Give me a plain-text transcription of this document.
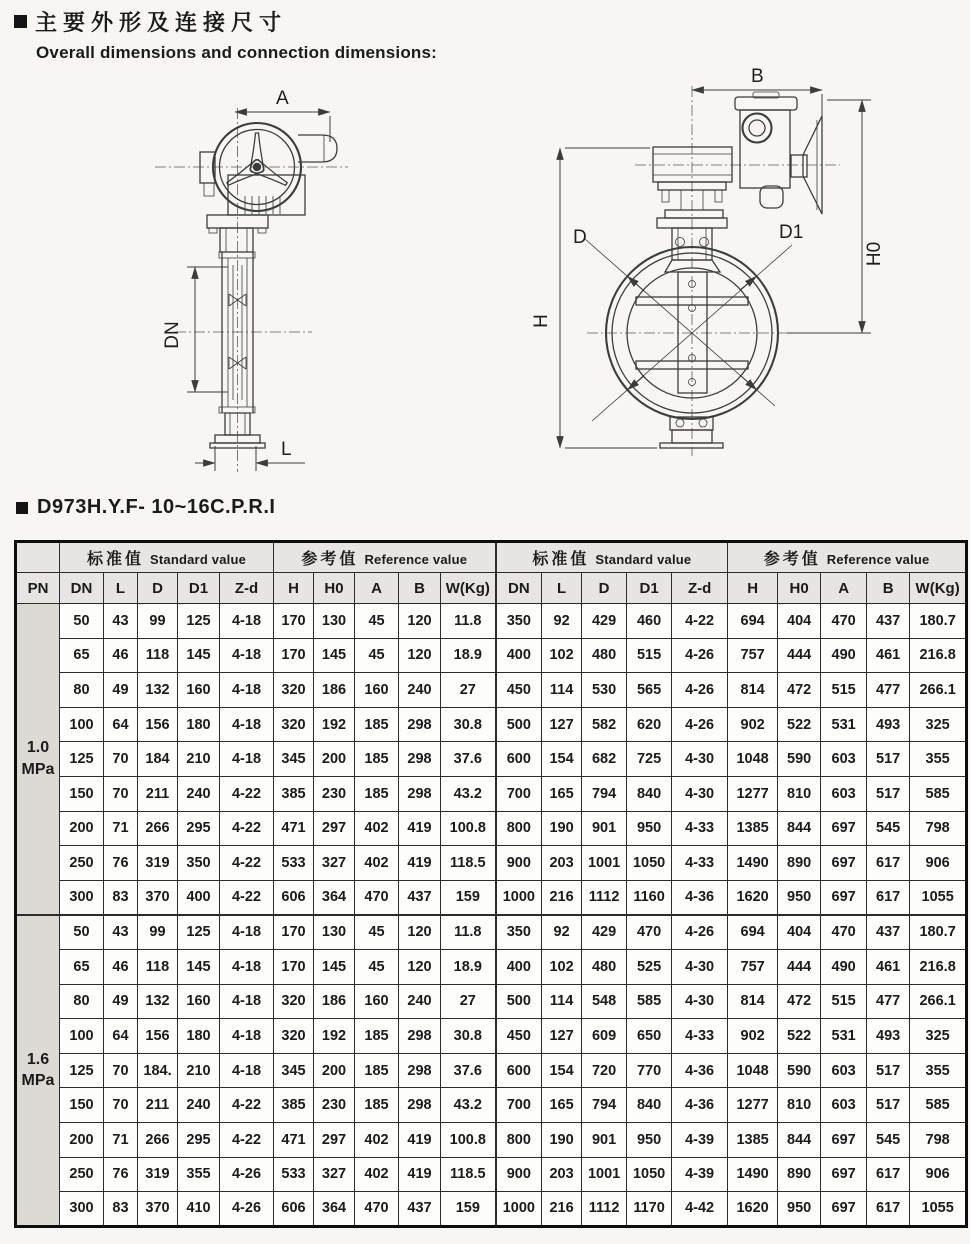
主要外形及连接尺寸
Overall dimensions and connection dimensions:
A
DN
L
B
H0
H
D	D1
D973H.Y.F- 10~16C.P.R.I
	标准值 Standard value					参考值 Reference value					标准值 Standard value					参考值 Reference value				
PN	DN	L	D	D1	Z-d	H	H0	A	B	W(Kg)	DN	L	D	D1	Z-d	H	H0	A	B	W(Kg)

1.0
MPa	50	43	99	125	4-18	170	130	45	120	11.8	350	92	429	460	4-22	694	404	470	437	180.7
	65	46	118	145	4-18	170	145	45	120	18.9	400	102	480	515	4-26	757	444	490	461	216.8
	80	49	132	160	4-18	320	186	160	240	27	450	114	530	565	4-26	814	472	515	477	266.1
	100	64	156	180	4-18	320	192	185	298	30.8	500	127	582	620	4-26	902	522	531	493	325
	125	70	184	210	4-18	345	200	185	298	37.6	600	154	682	725	4-30	1048	590	603	517	355
	150	70	211	240	4-22	385	230	185	298	43.2	700	165	794	840	4-30	1277	810	603	517	585
	200	71	266	295	4-22	471	297	402	419	100.8	800	190	901	950	4-33	1385	844	697	545	798
	250	76	319	350	4-22	533	327	402	419	118.5	900	203	1001	1050	4-33	1490	890	697	617	906
	300	83	370	400	4-22	606	364	470	437	159	1000	216	1112	1160	4-36	1620	950	697	617	1055

1.6
MPa	50	43	99	125	4-18	170	130	45	120	11.8	350	92	429	470	4-26	694	404	470	437	180.7
	65	46	118	145	4-18	170	145	45	120	18.9	400	102	480	525	4-30	757	444	490	461	216.8
	80	49	132	160	4-18	320	186	160	240	27	500	114	548	585	4-30	814	472	515	477	266.1
	100	64	156	180	4-18	320	192	185	298	30.8	450	127	609	650	4-33	902	522	531	493	325
	125	70	184.	210	4-18	345	200	185	298	37.6	600	154	720	770	4-36	1048	590	603	517	355
	150	70	211	240	4-22	385	230	185	298	43.2	700	165	794	840	4-36	1277	810	603	517	585
	200	71	266	295	4-22	471	297	402	419	100.8	800	190	901	950	4-39	1385	844	697	545	798
	250	76	319	355	4-26	533	327	402	419	118.5	900	203	1001	1050	4-39	1490	890	697	617	906
	300	83	370	410	4-26	606	364	470	437	159	1000	216	1112	1170	4-42	1620	950	697	617	1055
